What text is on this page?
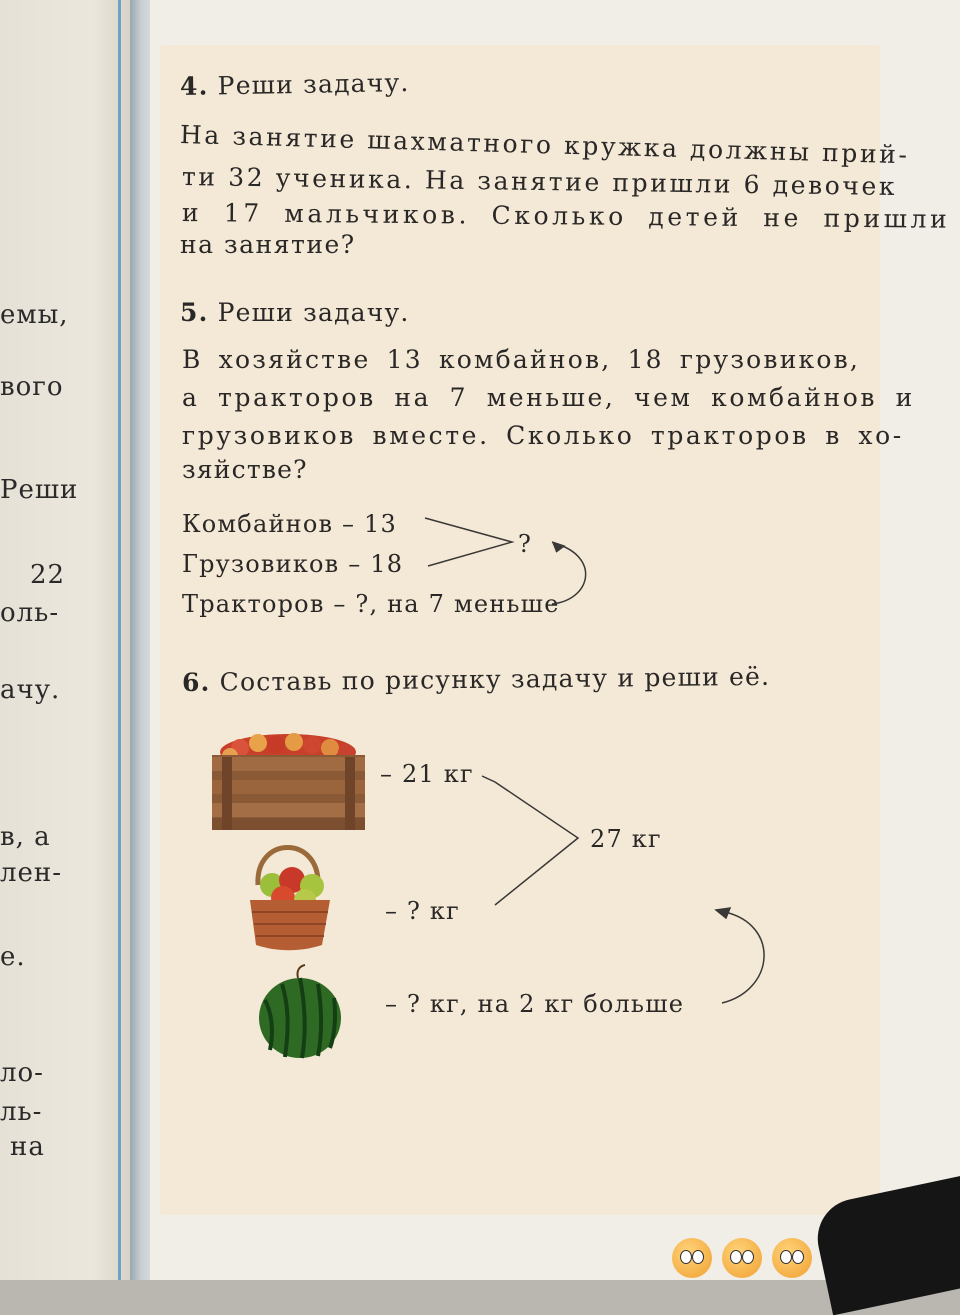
емы,
вого
Реши
22
оль-
ачу.
в, а
лен-
е.
ло-
ль-
на
4. Реши задачу.
На занятие шахматного кружка должны прий-
ти 32 ученика. На занятие пришли 6 девочек
и 17 мальчиков. Сколько детей не пришли
на занятие?
5. Реши задачу.
В хозяйстве 13 комбайнов, 18 грузовиков,
а тракторов на 7 меньше, чем комбайнов и
грузовиков вместе. Сколько тракторов в хо-
зяйстве?
Комбайнов – 13
Грузовиков – 18
Тракторов – ?, на 7 меньше
?
6. Составь по рисунку задачу и реши её.
– 21 кг
27 кг
– ? кг
– ? кг, на 2 кг больше
